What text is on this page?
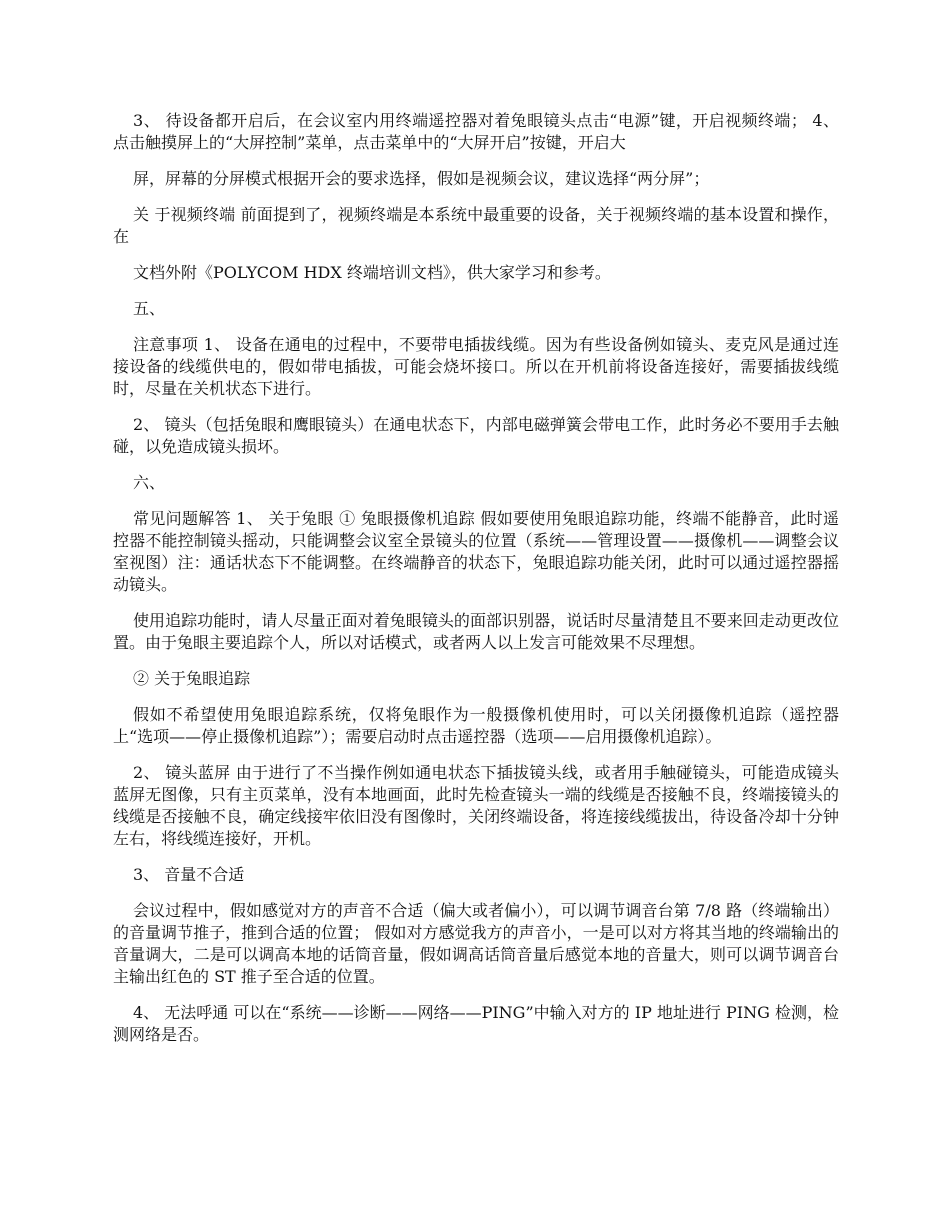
3、 待设备都开启后，在会议室内用终端遥控器对着兔眼镜头点击“电源”键，开启视频终端； 4、 点击触摸屏上的“大屏控制”菜单，点击菜单中的“大屏开启”按键，开启大

屏，屏幕的分屏模式根据开会的要求选择，假如是视频会议，建议选择“两分屏”；

关 于视频终端 前面提到了，视频终端是本系统中最重要的设备，关于视频终端的基本设置和操作，在

文档外附《POLYCOM HDX 终端培训文档》，供大家学习和参考。

五、

注意事项 1、 设备在通电的过程中，不要带电插拔线缆。因为有些设备例如镜头、麦克风是通过连接设备的线缆供电的，假如带电插拔，可能会烧坏接口。所以在开机前将设备连接好，需要插拔线缆时，尽量在关机状态下进行。

2、 镜头（包括兔眼和鹰眼镜头）在通电状态下，内部电磁弹簧会带电工作，此时务必不要用手去触碰，以免造成镜头损坏。

六、

常见问题解答 1、 关于兔眼 ① 兔眼摄像机追踪 假如要使用兔眼追踪功能，终端不能静音，此时遥控器不能控制镜头摇动，只能调整会议室全景镜头的位置（系统——管理设置——摄像机——调整会议室视图）注：通话状态下不能调整。在终端静音的状态下，兔眼追踪功能关闭，此时可以通过遥控器摇动镜头。

使用追踪功能时，请人尽量正面对着兔眼镜头的面部识别器，说话时尽量清楚且不要来回走动更改位置。由于兔眼主要追踪个人，所以对话模式，或者两人以上发言可能效果不尽理想。

② 关于兔眼追踪

假如不希望使用兔眼追踪系统，仅将兔眼作为一般摄像机使用时，可以关闭摄像机追踪（遥控器上“选项——停止摄像机追踪”）；需要启动时点击遥控器（选项——启用摄像机追踪）。

2、 镜头蓝屏 由于进行了不当操作例如通电状态下插拔镜头线，或者用手触碰镜头，可能造成镜头蓝屏无图像，只有主页菜单，没有本地画面，此时先检查镜头一端的线缆是否接触不良，终端接镜头的线缆是否接触不良，确定线接牢依旧没有图像时，关闭终端设备，将连接线缆拔出，待设备冷却十分钟左右，将线缆连接好，开机。

3、 音量不合适

会议过程中，假如感觉对方的声音不合适（偏大或者偏小），可以调节调音台第 7/8 路（终端输出）的音量调节推子，推到合适的位置； 假如对方感觉我方的声音小，一是可以对方将其当地的终端输出的音量调大，二是可以调高本地的话筒音量，假如调高话筒音量后感觉本地的音量大，则可以调节调音台主输出红色的 ST 推子至合适的位置。

4、 无法呼通 可以在“系统——诊断——网络——PING”中输入对方的 IP 地址进行 PING 检测，检测网络是否。
